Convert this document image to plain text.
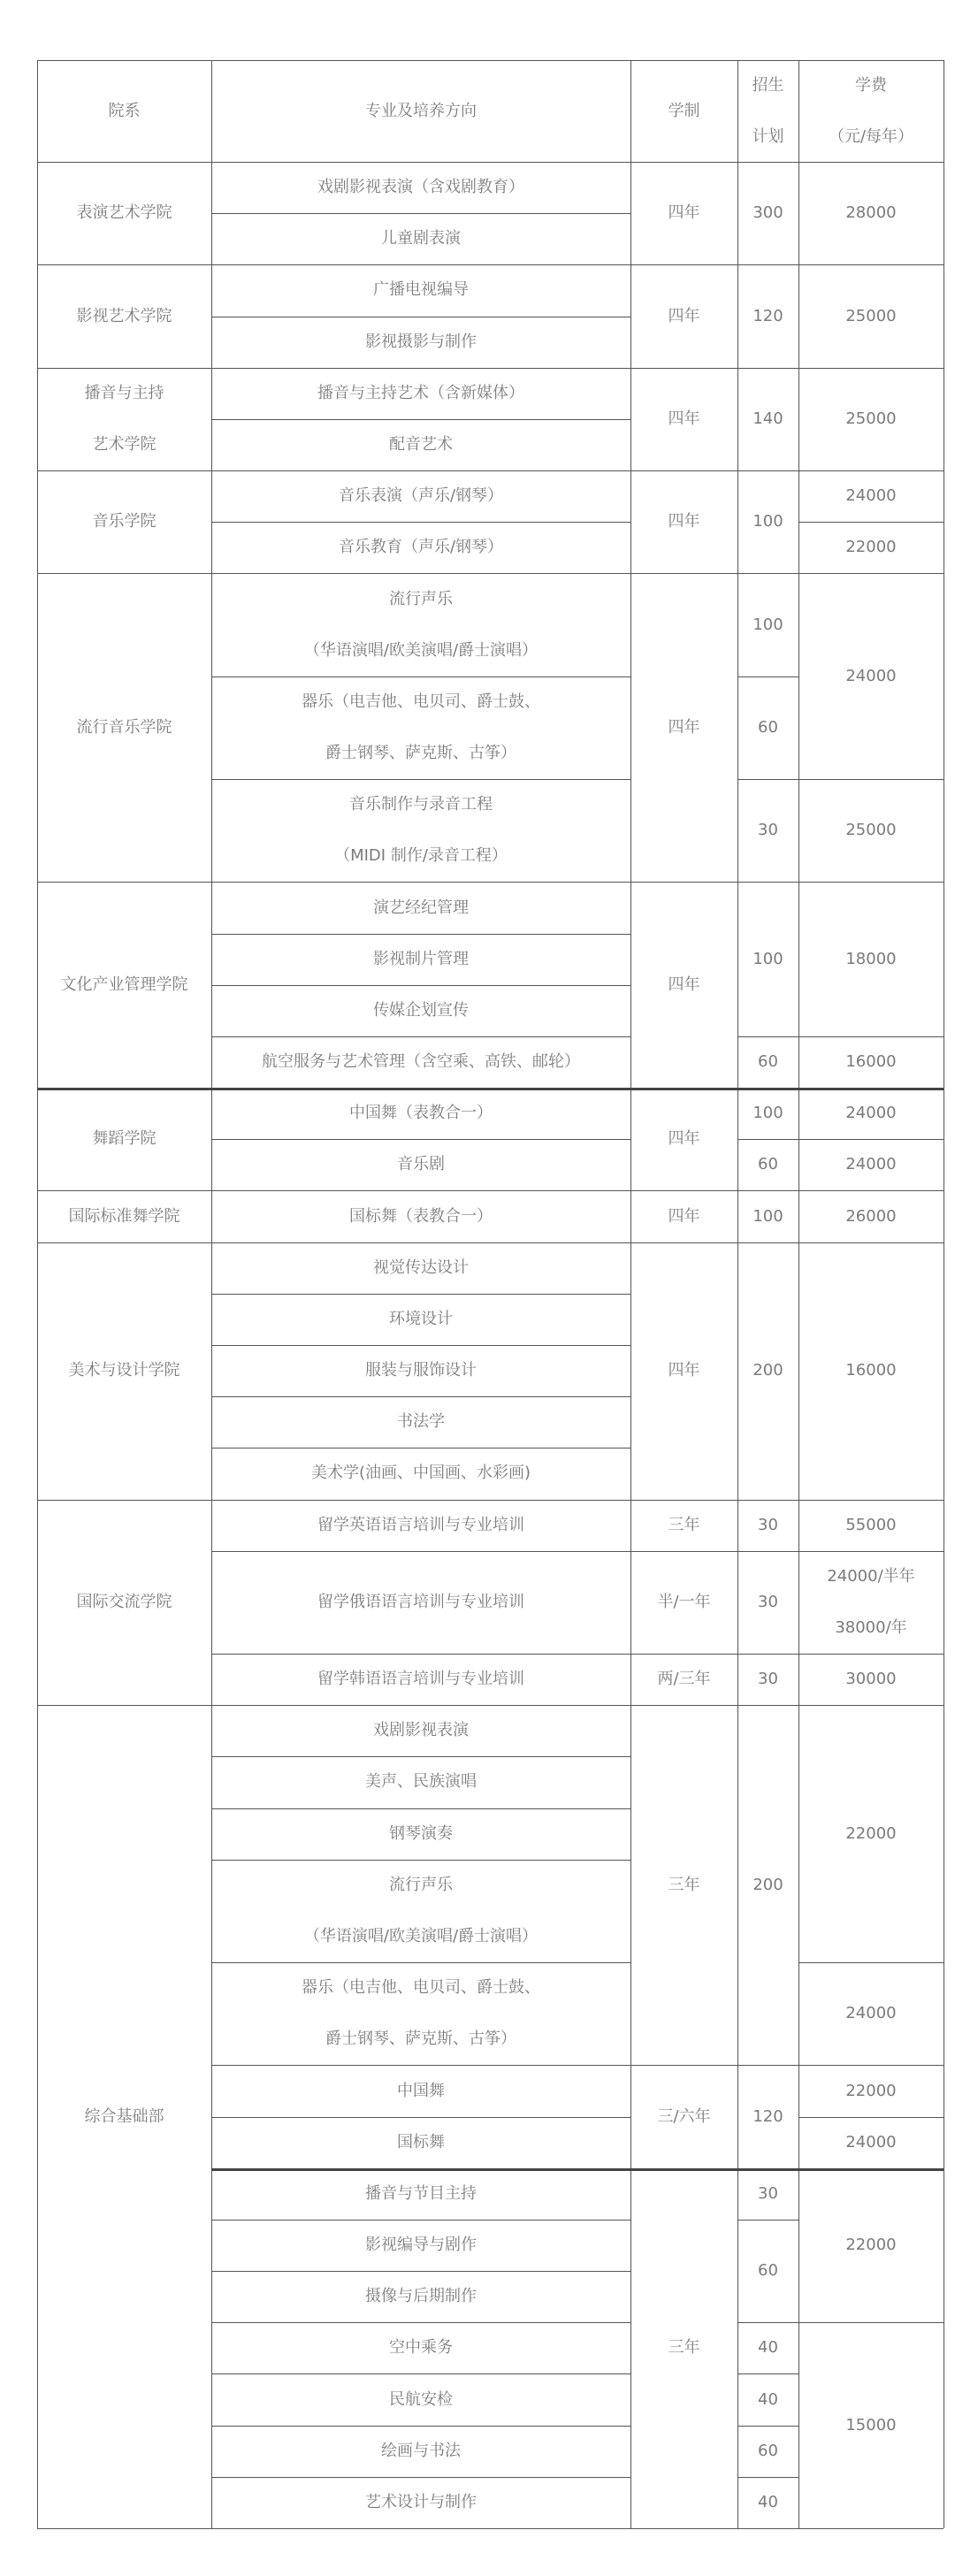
院系	专业及培养方向	学制
招生
计划
学费
（元/每年）
表演艺术学院
影视艺术学院
播音与主持
艺术学院
音乐学院
流行音乐学院
文化产业管理学院
舞蹈学院
国际标准舞学院
美术与设计学院
国际交流学院
综合基础部
戏剧影视表演（含戏剧教育）
儿童剧表演
广播电视编导
影视摄影与制作
播音与主持艺术（含新媒体）
配音艺术
音乐表演（声乐/钢琴）
音乐教育（声乐/钢琴）
流行声乐
（华语演唱/欧美演唱/爵士演唱）
器乐（电吉他、电贝司、爵士鼓、
爵士钢琴、萨克斯、古筝）
音乐制作与录音工程
（MIDI 制作/录音工程）
演艺经纪管理
影视制片管理
传媒企划宣传
航空服务与艺术管理（含空乘、高铁、邮轮）
中国舞（表教合一）
音乐剧
国标舞（表教合一）
视觉传达设计
环境设计
服装与服饰设计
书法学
美术学(油画、中国画、水彩画)
留学英语语言培训与专业培训
留学俄语语言培训与专业培训
留学韩语语言培训与专业培训
戏剧影视表演
美声、民族演唱
钢琴演奏
流行声乐
（华语演唱/欧美演唱/爵士演唱）
器乐（电吉他、电贝司、爵士鼓、
爵士钢琴、萨克斯、古筝）
中国舞
国标舞
播音与节目主持
影视编导与剧作
摄像与后期制作
空中乘务
民航安检
绘画与书法
艺术设计与制作
四年
四年
四年
四年
四年
四年
四年
四年
四年
三年
半/一年
两/三年
三年
三/六年
三年
300
120
140
100
100
60
30
100
60
100
60
100
200
30
30
30
200
120
30
60
40
40
60
40
28000
25000
25000
24000
22000
24000
25000
18000
16000
24000
24000
26000
16000
55000
24000/半年
38000/年
30000
22000
24000
22000
24000
22000
15000
